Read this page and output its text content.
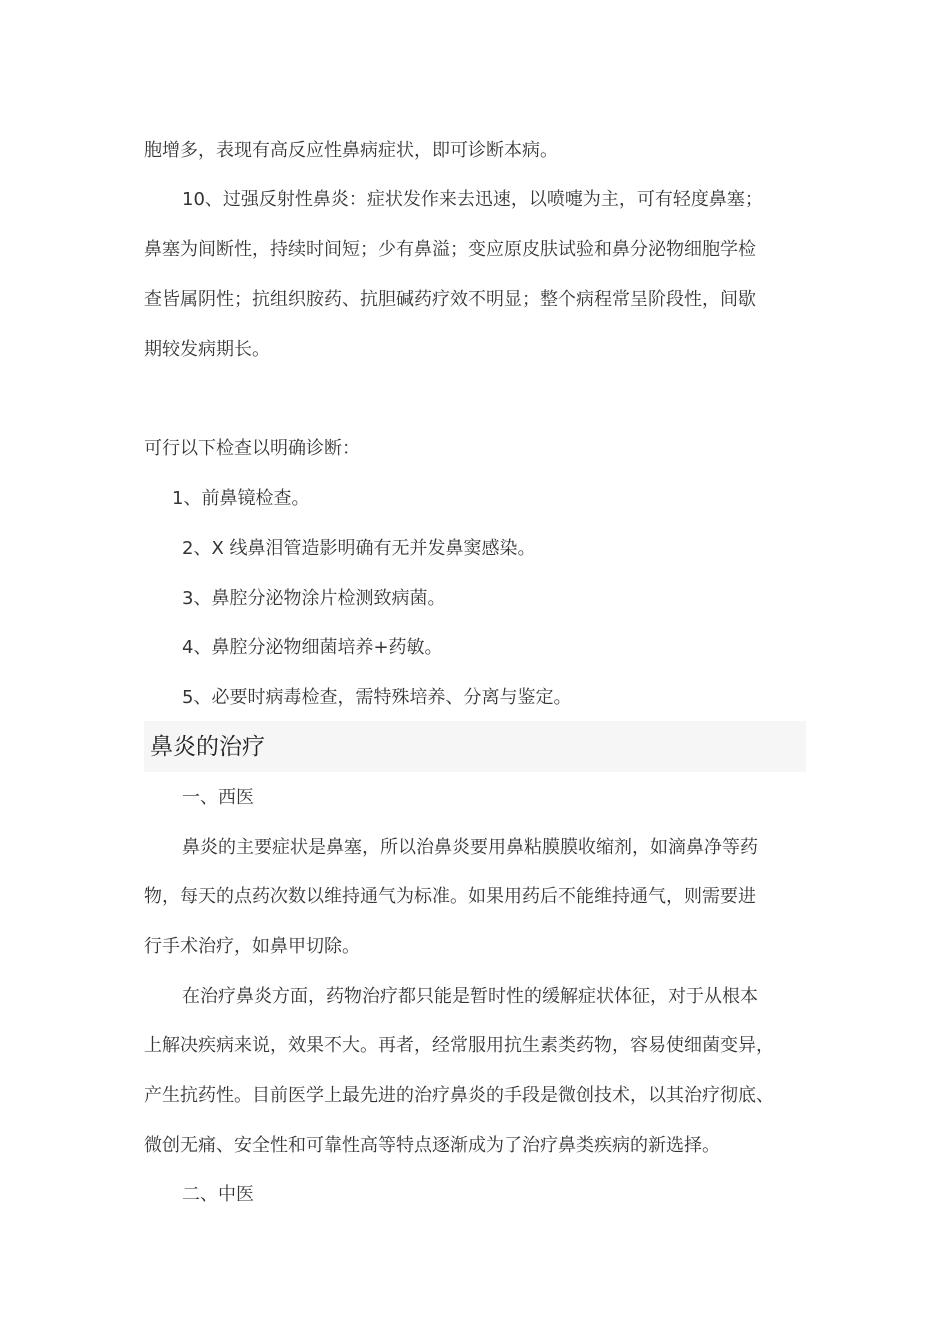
胞增多，表现有高反应性鼻病症状，即可诊断本病。
10、过强反射性鼻炎：症状发作来去迅速，以喷嚏为主，可有轻度鼻塞；
鼻塞为间断性，持续时间短；少有鼻溢；变应原皮肤试验和鼻分泌物细胞学检
查皆属阴性；抗组织胺药、抗胆碱药疗效不明显；整个病程常呈阶段性，间歇
期较发病期长。
可行以下检查以明确诊断：
1、前鼻镜检查。
2、X 线鼻泪管造影明确有无并发鼻窦感染。
3、鼻腔分泌物涂片检测致病菌。
4、鼻腔分泌物细菌培养+药敏。
5、必要时病毒检查，需特殊培养、分离与鉴定。
鼻炎的治疗
一、西医
鼻炎的主要症状是鼻塞，所以治鼻炎要用鼻粘膜膜收缩剂，如滴鼻净等药
物，每天的点药次数以维持通气为标准。如果用药后不能维持通气，则需要进
行手术治疗，如鼻甲切除。
在治疗鼻炎方面，药物治疗都只能是暂时性的缓解症状体征，对于从根本
上解决疾病来说，效果不大。再者，经常服用抗生素类药物，容易使细菌变异，
产生抗药性。目前医学上最先进的治疗鼻炎的手段是微创技术，以其治疗彻底、
微创无痛、安全性和可靠性高等特点逐渐成为了治疗鼻类疾病的新选择。
二、中医
